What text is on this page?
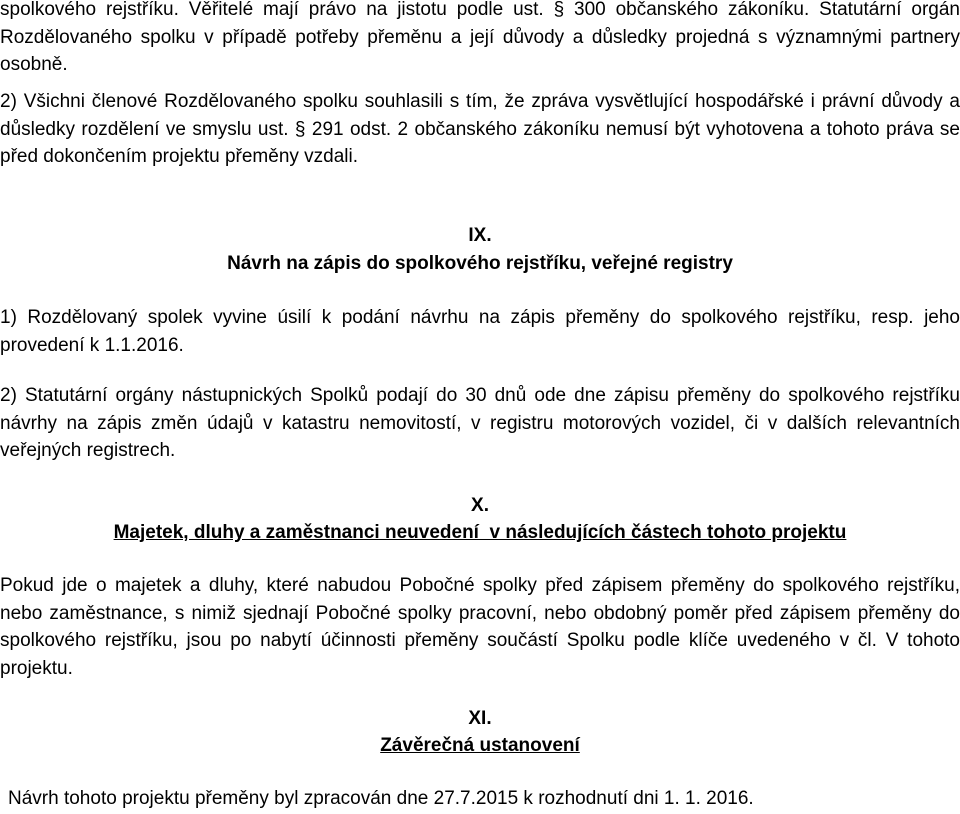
spolkového rejstříku. Věřitelé mají právo na jistotu podle ust. § 300 občanského zákoníku. Statutární orgán Rozdělovaného spolku v případě potřeby přeměnu a její důvody a důsledky projedná s významnými partnery osobně.

2) Všichni členové Rozdělovaného spolku souhlasili s tím, že zpráva vysvětlující hospodářské i právní důvody a důsledky rozdělení ve smyslu ust. § 291 odst. 2 občanského zákoníku nemusí být vyhotovena a tohoto práva se před dokončením projektu přeměny vzdali.

IX.

Návrh na zápis do spolkového rejstříku, veřejné registry

1) Rozdělovaný spolek vyvine úsilí k podání návrhu na zápis přeměny do spolkového rejstříku, resp. jeho provedení k 1.1.2016.

2) Statutární orgány nástupnických Spolků podají do 30 dnů ode dne zápisu přeměny do spolkového rejstříku návrhy na zápis změn údajů v katastru nemovitostí, v registru motorových vozidel, či v dalších relevantních veřejných registrech.

X.

Majetek, dluhy a zaměstnanci neuvedení  v následujících částech tohoto projektu

Pokud jde o majetek a dluhy, které nabudou Pobočné spolky před zápisem přeměny do spolkového rejstříku, nebo zaměstnance, s nimiž sjednají Pobočné spolky pracovní, nebo obdobný poměr před zápisem přeměny do spolkového rejstříku, jsou po nabytí účinnosti přeměny součástí Spolku podle klíče uvedeného v čl. V tohoto projektu.

XI.

Závěrečná ustanovení

Návrh tohoto projektu přeměny byl zpracován dne 27.7.2015 k rozhodnutí dni 1. 1. 2016.
